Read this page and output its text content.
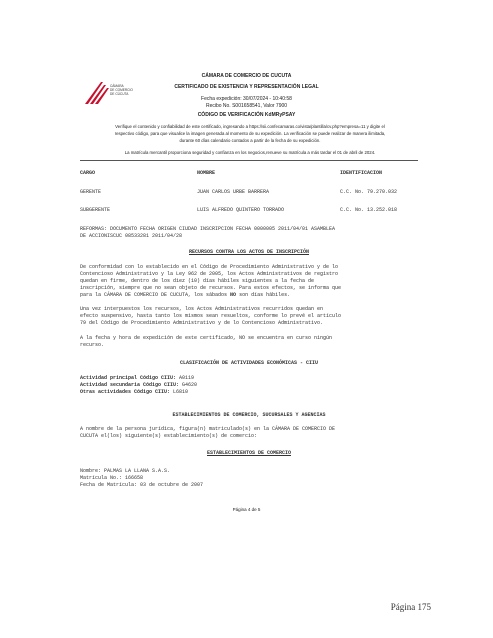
CÁMARA
DE COMERCIO
DE CÚCUTA
CÁMARA DE COMERCIO DE CUCUTA
CERTIFICADO DE EXISTENCIA Y REPRESENTACIÓN LEGAL
Fecha expedición: 30/07/2024 - 10:40:58
Recibo No. S001658541, Valor 7900
CÓDIGO DE VERIFICACIÓN KdMRyPSAY
Verifique el contenido y confiabilidad de este certificado, ingresando a https://sii.confecamaras.co/vista/plantilla/cv.php?empresa=11 y digite el
respectivo código, para que visualice la imagen generada al momento de su expedición. La verificación se puede realizar de manera ilimitada,
durante 60 días calendario contados a partir de la fecha de su expedición.
La matrícula mercantil proporciona seguridad y confianza en los negocios,renueve su matrícula a más tardar el 01 de abril de 2024.
CARGO	NOMBRE	IDENTIFICACION
GERENTE	JUAN CARLOS URBE BARRERA	C.C. No. 79.270.032
SUBGERENTE	LUIS ALFREDO QUINTERO TORRADO	C.C. No. 13.252.018
REFORMAS: DOCUMENTO FECHA ORIGEN CIUDAD INSCRIPCION FECHA 0000005 2011/04/01 ASAMBLEA
DE ACCIONISCUC 08533281 2011/04/28
RECURSOS CONTRA LOS ACTOS DE INSCRIPCIÓN
De conformidad con lo establecido en el Código de Procedimiento Administrativo y de lo
Contencioso Administrativo y la Ley 962 de 2005, los Actos Administrativos de registro
quedan en firme, dentro de los diez (10) días hábiles siguientes a la fecha de
inscripción, siempre que no sean objeto de recursos. Para estos efectos, se informa que
para la CÁMARA DE COMERCIO DE CUCUTA, los sábados NO son días hábiles.
Una vez interpuestos los recursos, los Actos Administrativos recurridos quedan en
efecto suspensivo, hasta tanto los mismos sean resueltos, conforme lo prevé el artículo
79 del Código de Procedimiento Administrativo y de lo Contencioso Administrativo.
A la fecha y hora de expedición de este certificado, NO se encuentra en curso ningún
recurso.
CLASIFICACIÓN DE ACTIVIDADES ECONÓMICAS - CIIU
Actividad principal Código CIIU: A0119
Actividad secundaria Código CIIU: G4620
Otras actividades Código CIIU: L6810
ESTABLECIMIENTOS DE COMERCIO, SUCURSALES Y AGENCIAS
A nombre de la persona jurídica, figura(n) matriculado(s) en la CÁMARA DE COMERCIO DE
CUCUTA el(los) siguiente(s) establecimiento(s) de comercio:
ESTABLECIMIENTOS DE COMERCIO
Nombre: PALMAS LA LLANA S.A.S.
Matrícula No.: 166658
Fecha de Matrícula: 03 de octubre de 2007
Página 4 de 5
Página 175
